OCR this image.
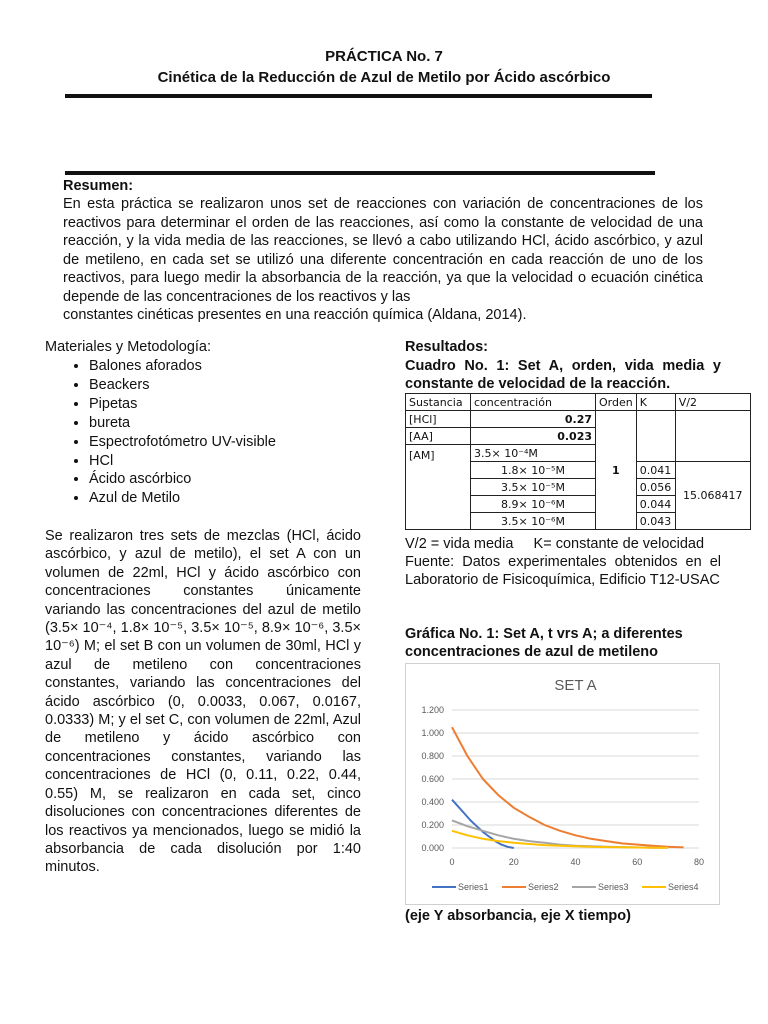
PRÁCTICA No. 7
Cinética de la Reducción de Azul de Metilo por Ácido ascórbico
Resumen:

En esta práctica se realizaron unos set de reacciones con variación de concentraciones de los reactivos para determinar el orden de las reacciones, así como la constante de velocidad de una reacción, y la vida media de las reacciones, se llevó a cabo utilizando HCl, ácido ascórbico, y azul de metileno, en cada set se utilizó una diferente concentración en cada reacción de uno de los reactivos, para luego medir la absorbancia de la reacción, ya que la velocidad o ecuación cinética depende de las concentraciones de los reactivos y las

constantes cinéticas presentes en una reacción química (Aldana, 2014).

Materiales y Metodología:
• Balones aforados
• Beackers
• Pipetas
• bureta
• Espectrofotómetro UV-visible
• HCl
• Ácido ascórbico
• Azul de Metilo

Se realizaron tres sets de mezclas (HCl, ácido ascórbico, y azul de metilo), el set A con un volumen de 22ml, HCl y ácido ascórbico con concentraciones constantes únicamente variando las concentraciones del azul de metilo (3.5× 10⁻⁴, 1.8× 10⁻⁵, 3.5× 10⁻⁵, 8.9× 10⁻⁶, 3.5× 10⁻⁶) M; el set B con un volumen de 30ml, HCl y azul de metileno con concentraciones constantes, variando las concentraciones del ácido ascórbico (0, 0.0033, 0.067, 0.0167, 0.0333) M; y el set C, con volumen de 22ml, Azul de metileno y ácido ascórbico con concentraciones constantes, variando las concentraciones de HCl (0, 0.11, 0.22, 0.44, 0.55) M, se realizaron en cada set, cinco disoluciones con concentraciones diferentes de los reactivos ya mencionados, luego se midió la absorbancia de cada disolución por 1:40 minutos.

Resultados:
Cuadro No. 1: Set A, orden, vida media y constante de velocidad de la reacción.
Sustancia	concentración	Orden	K	V/2
[HCl]	0.27	1		
[AA]	0.023			
[AM]	3.5× 10⁻⁴M			
	1.8× 10⁻⁵M		0.041	15.068417
	3.5× 10⁻⁵M		0.056	
	8.9× 10⁻⁶M		0.044	
	3.5× 10⁻⁶M		0.043	

V/2 = vida media     K= constante de velocidad

Fuente: Datos experimentales obtenidos en el Laboratorio de Fisicoquímica, Edificio T12-USAC

Gráfica No. 1: Set A, t vrs A; a diferentes concentraciones de azul de metileno
SET A
0.000
0.200
0.400
0.600
0.800
1.000
1.200
0	20	40	60	80
Series1	Series2	Series3	Series4
(eje Y absorbancia, eje X tiempo)
